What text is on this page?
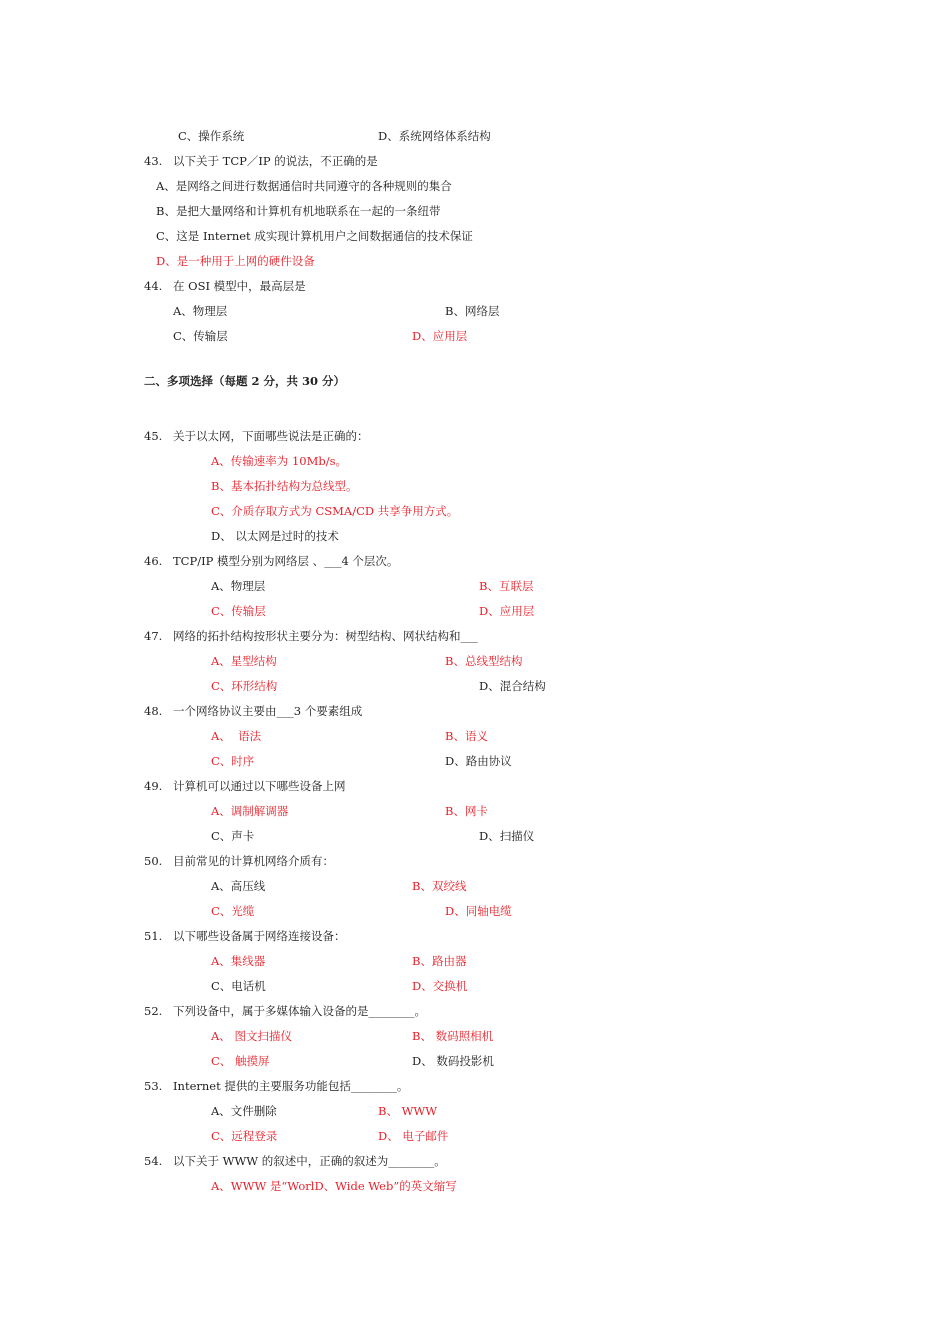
C、操作系统	D、系统网络体系结构
43. 以下关于 TCP／IP 的说法，不正确的是
A、是网络之间进行数据通信时共同遵守的各种规则的集合
B、是把大量网络和计算机有机地联系在一起的一条纽带
C、这是 Internet 成实现计算机用户之间数据通信的技术保证
D、是一种用于上网的硬件设备
44. 在 OSI 模型中，最高层是
A、物理层	B、网络层
C、传输层	D、应用层
二、多项选择（每题 2 分，共 30 分）
45. 关于以太网，下面哪些说法是正确的：
A、传输速率为 10Mb/s。
B、基本拓扑结构为总线型。
C、介质存取方式为 CSMA/CD 共享争用方式。
D、 以太网是过时的技术
46. TCP/IP 模型分别为网络层 、___4 个层次。
A、物理层	B、互联层
C、传输层	D、应用层
47. 网络的拓扑结构按形状主要分为：树型结构、网状结构和___
A、星型结构	B、总线型结构
C、环形结构	D、混合结构
48. 一个网络协议主要由___3 个要素组成
A、  语法	B、语义
C、时序	D、路由协议
49. 计算机可以通过以下哪些设备上网
A、调制解调器	B、网卡
C、声卡	D、扫描仪
50. 目前常见的计算机网络介质有：
A、高压线	B、双绞线
C、光缆	D、同轴电缆
51. 以下哪些设备属于网络连接设备：
A、集线器	B、路由器
C、电话机	D、交换机
52. 下列设备中，属于多媒体输入设备的是________。
A、 图文扫描仪	B、 数码照相机
C、 触摸屏	D、 数码投影机
53. Internet 提供的主要服务功能包括________。
A、文件删除	B、 WWW
C、远程登录	D、 电子邮件
54. 以下关于 WWW 的叙述中，正确的叙述为________。
A、WWW 是“WorlD、Wide Web”的英文缩写
